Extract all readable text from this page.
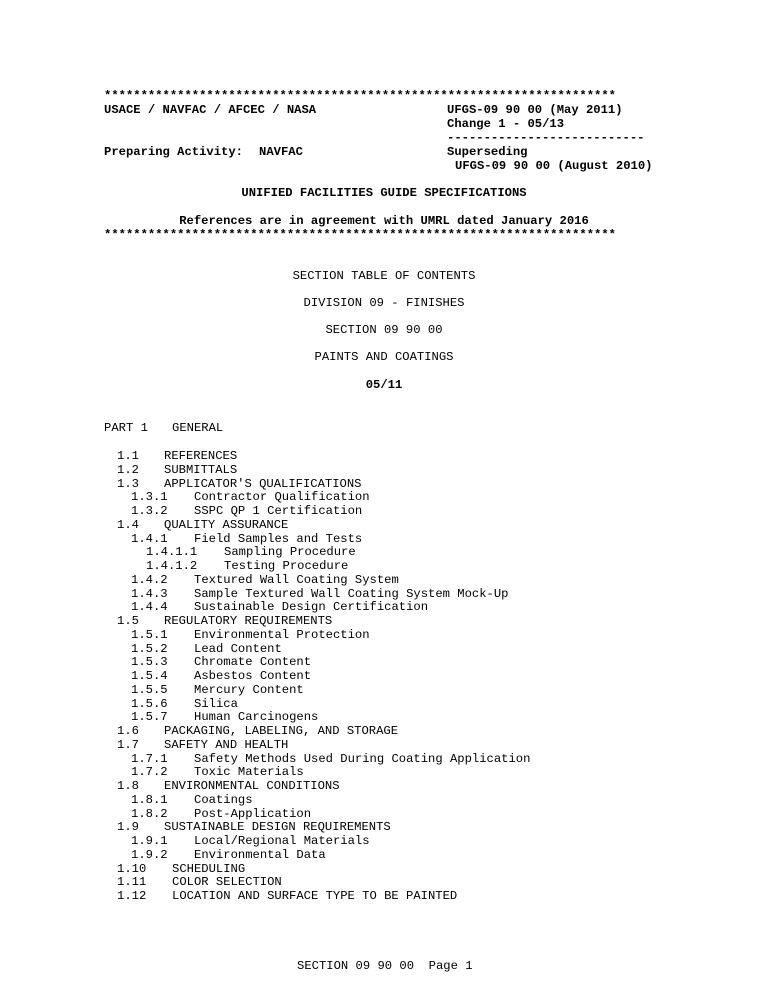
**********************************************************************
USACE / NAVFAC / AFCEC / NASA	UFGS-09 90 00 (May 2011)
Change 1 - 05/13
---------------------------
Preparing Activity: NAVFAC	Superseding
UFGS-09 90 00 (August 2010)
UNIFIED FACILITIES GUIDE SPECIFICATIONS
References are in agreement with UMRL dated January 2016
**********************************************************************
SECTION TABLE OF CONTENTS
DIVISION 09 - FINISHES
SECTION 09 90 00
PAINTS AND COATINGS
05/11
PART 1 GENERAL
1.1 REFERENCES
1.2 SUBMITTALS
1.3 APPLICATOR'S QUALIFICATIONS
1.3.1 Contractor Qualification
1.3.2 SSPC QP 1 Certification
1.4 QUALITY ASSURANCE
1.4.1 Field Samples and Tests
1.4.1.1 Sampling Procedure
1.4.1.2 Testing Procedure
1.4.2 Textured Wall Coating System
1.4.3 Sample Textured Wall Coating System Mock-Up
1.4.4 Sustainable Design Certification
1.5 REGULATORY REQUIREMENTS
1.5.1 Environmental Protection
1.5.2 Lead Content
1.5.3 Chromate Content
1.5.4 Asbestos Content
1.5.5 Mercury Content
1.5.6 Silica
1.5.7 Human Carcinogens
1.6 PACKAGING, LABELING, AND STORAGE
1.7 SAFETY AND HEALTH
1.7.1 Safety Methods Used During Coating Application
1.7.2 Toxic Materials
1.8 ENVIRONMENTAL CONDITIONS
1.8.1 Coatings
1.8.2 Post-Application
1.9 SUSTAINABLE DESIGN REQUIREMENTS
1.9.1 Local/Regional Materials
1.9.2 Environmental Data
1.10 SCHEDULING
1.11 COLOR SELECTION
1.12 LOCATION AND SURFACE TYPE TO BE PAINTED
SECTION 09 90 00  Page 1
